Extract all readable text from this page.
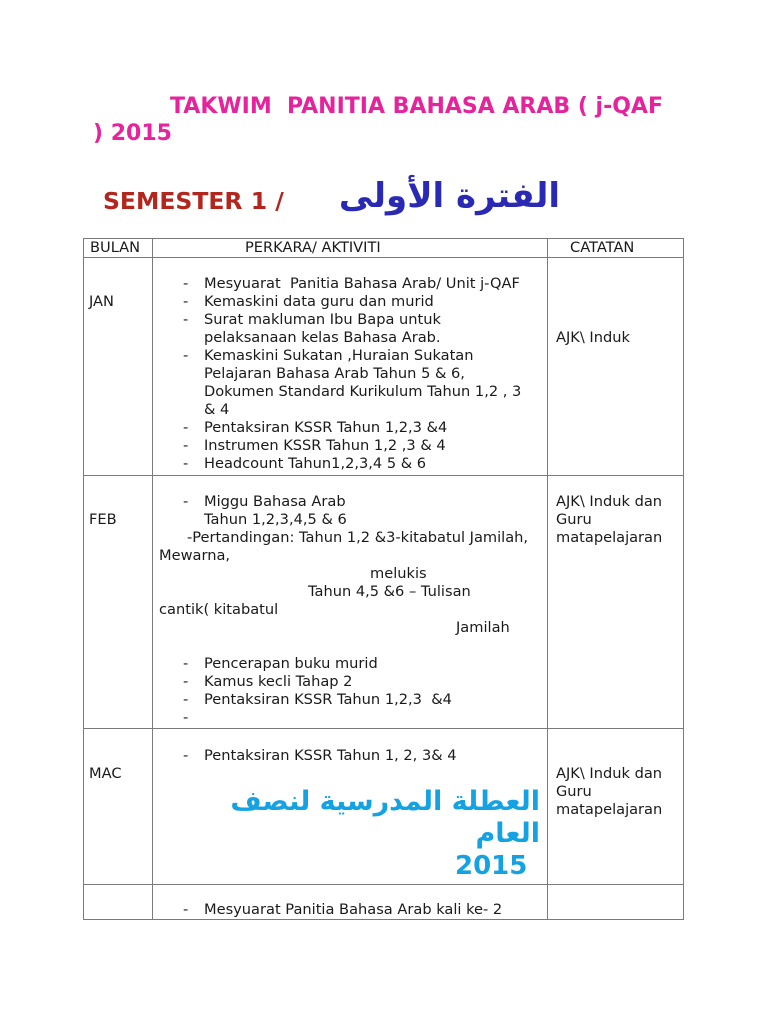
TAKWIM  PANITIA BAHASA ARAB ( j-QAF
) 2015
SEMESTER 1 / الفترة الأولى
BULAN	PERKARA/ AKTIVITI	CATATAN
JAN
- Mesyuarat  Panitia Bahasa Arab/ Unit j-QAF
- Kemaskini data guru dan murid
- Surat makluman Ibu Bapa untuk
pelaksanaan kelas Bahasa Arab.
- Kemaskini Sukatan ,Huraian Sukatan
Pelajaran Bahasa Arab Tahun 5 & 6,
Dokumen Standard Kurikulum Tahun 1,2 , 3
& 4
- Pentaksiran KSSR Tahun 1,2,3 &4
- Instrumen KSSR Tahun 1,2 ,3 & 4
- Headcount Tahun1,2,3,4 5 & 6
AJK\ Induk
FEB
- Miggu Bahasa Arab
Tahun 1,2,3,4,5 & 6
-Pertandingan: Tahun 1,2 &3-kitabatul Jamilah,
Mewarna,
melukis
Tahun 4,5 &6 – Tulisan
cantik( kitabatul
Jamilah
- Pencerapan buku murid
- Kamus kecli Tahap 2
- Pentaksiran KSSR Tahun 1,2,3  &4
-
AJK\ Induk dan
Guru
matapelajaran
MAC
- Pentaksiran KSSR Tahun 1, 2, 3& 4
العطلة المدرسية لنصف
العام
2015
AJK\ Induk dan
Guru
matapelajaran
- Mesyuarat Panitia Bahasa Arab kali ke- 2
